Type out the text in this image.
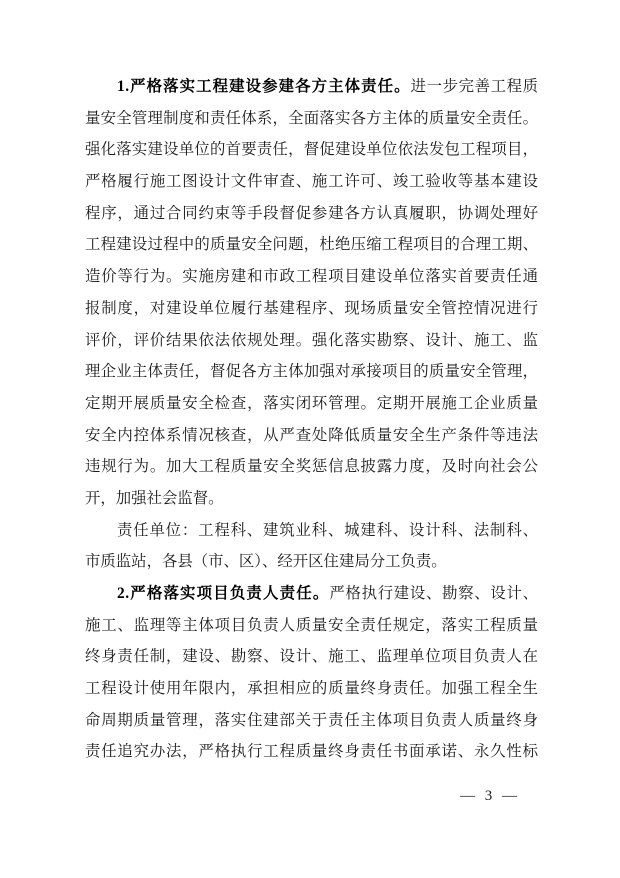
1.严格落实工程建设参建各方主体责任。进一步完善工程质
量安全管理制度和责任体系，全面落实各方主体的质量安全责任。
强化落实建设单位的首要责任，督促建设单位依法发包工程项目，
严格履行施工图设计文件审查、施工许可、竣工验收等基本建设
程序，通过合同约束等手段督促参建各方认真履职，协调处理好
工程建设过程中的质量安全问题，杜绝压缩工程项目的合理工期、
造价等行为。实施房建和市政工程项目建设单位落实首要责任通
报制度，对建设单位履行基建程序、现场质量安全管控情况进行
评价，评价结果依法依规处理。强化落实勘察、设计、施工、监
理企业主体责任，督促各方主体加强对承接项目的质量安全管理，
定期开展质量安全检查，落实闭环管理。定期开展施工企业质量
安全内控体系情况核查，从严查处降低质量安全生产条件等违法
违规行为。加大工程质量安全奖惩信息披露力度，及时向社会公
开，加强社会监督。
责任单位：工程科、建筑业科、城建科、设计科、法制科、
市质监站，各县（市、区）、经开区住建局分工负责。
2.严格落实项目负责人责任。严格执行建设、勘察、设计、
施工、监理等主体项目负责人质量安全责任规定，落实工程质量
终身责任制，建设、勘察、设计、施工、监理单位项目负责人在
工程设计使用年限内，承担相应的质量终身责任。加强工程全生
命周期质量管理，落实住建部关于责任主体项目负责人质量终身
责任追究办法，严格执行工程质量终身责任书面承诺、永久性标
— 3 —
